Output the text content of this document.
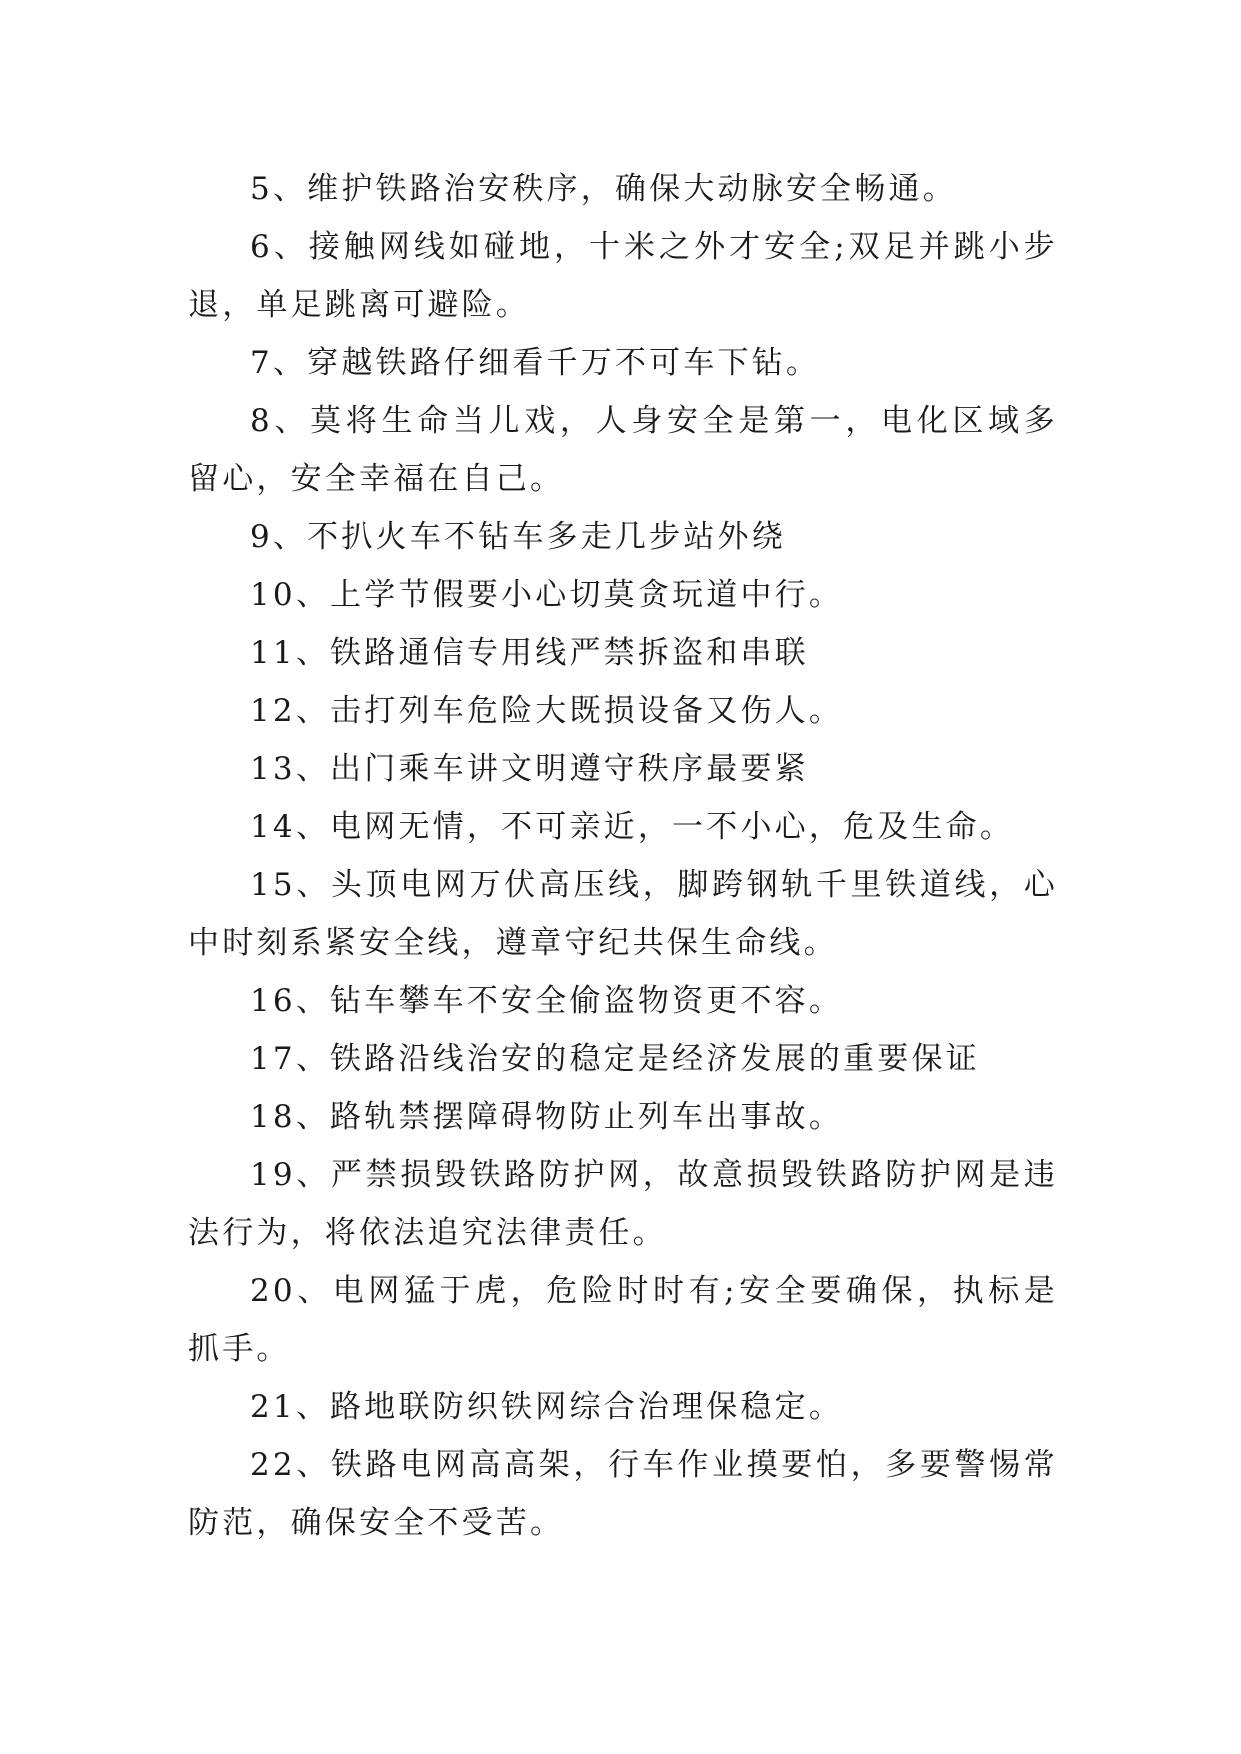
5、维护铁路治安秩序，确保大动脉安全畅通。

6、接触网线如碰地，十米之外才安全;双足并跳小步退，单足跳离可避险。

7、穿越铁路仔细看千万不可车下钻。

8、莫将生命当儿戏，人身安全是第一，电化区域多留心，安全幸福在自己。

9、不扒火车不钻车多走几步站外绕

10、上学节假要小心切莫贪玩道中行。

11、铁路通信专用线严禁拆盗和串联

12、击打列车危险大既损设备又伤人。

13、出门乘车讲文明遵守秩序最要紧

14、电网无情，不可亲近，一不小心，危及生命。

15、头顶电网万伏高压线，脚跨钢轨千里铁道线，心中时刻系紧安全线，遵章守纪共保生命线。

16、钻车攀车不安全偷盗物资更不容。

17、铁路沿线治安的稳定是经济发展的重要保证

18、路轨禁摆障碍物防止列车出事故。

19、严禁损毁铁路防护网，故意损毁铁路防护网是违法行为，将依法追究法律责任。

20、电网猛于虎，危险时时有;安全要确保，执标是抓手。

21、路地联防织铁网综合治理保稳定。

22、铁路电网高高架，行车作业摸要怕，多要警惕常防范，确保安全不受苦。
